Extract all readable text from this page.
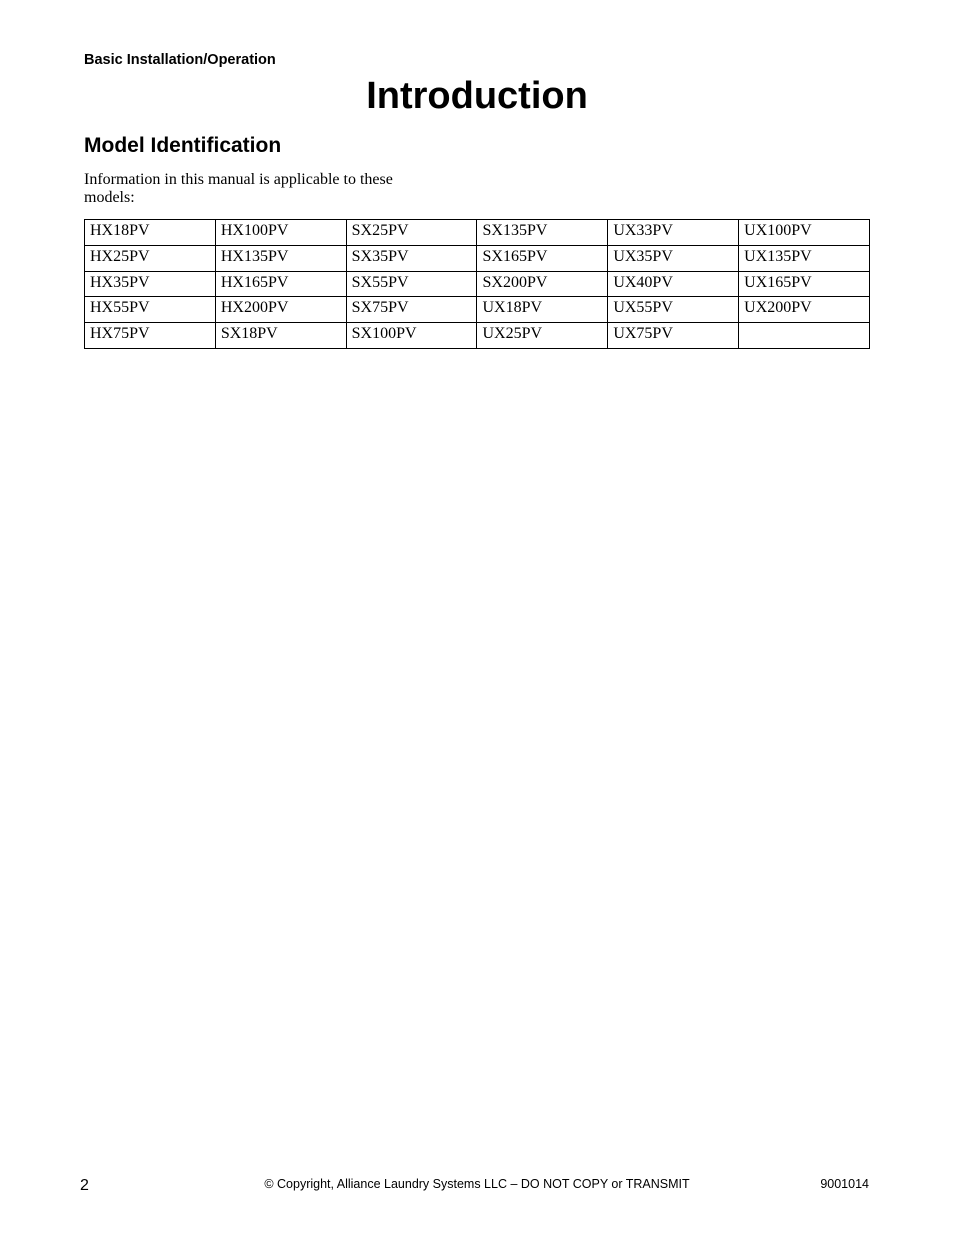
Basic Installation/Operation
Introduction
Model Identification

Information in this manual is applicable to these models:

HX18PV	HX100PV	SX25PV	SX135PV	UX33PV	UX100PV
HX25PV	HX135PV	SX35PV	SX165PV	UX35PV	UX135PV
HX35PV	HX165PV	SX55PV	SX200PV	UX40PV	UX165PV
HX55PV	HX200PV	SX75PV	UX18PV	UX55PV	UX200PV
HX75PV	SX18PV	SX100PV	UX25PV	UX75PV	
2	© Copyright, Alliance Laundry Systems LLC – DO NOT COPY or TRANSMIT	9001014
